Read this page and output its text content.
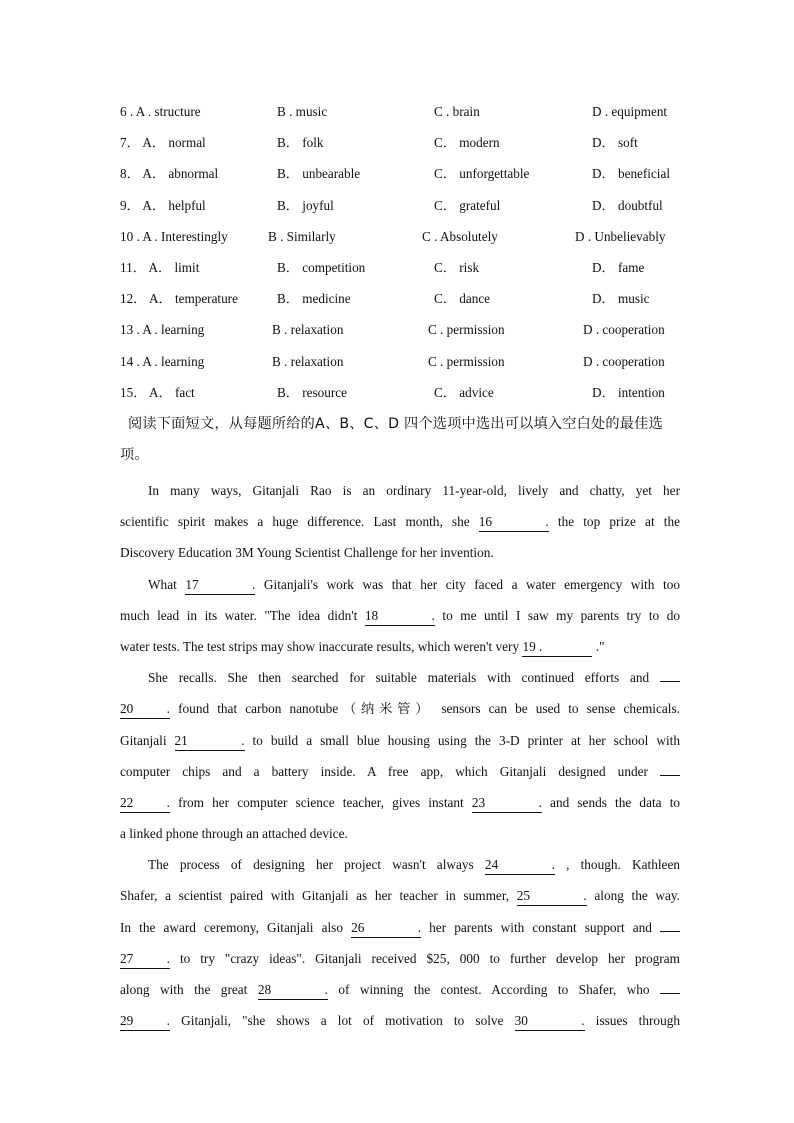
6 . A . structure	B . music	C . brain	D . equipment
7． A． normal	B． folk	C． modern	D． soft
8． A． abnormal	B． unbearable	C． unforgettable	D． beneficial
9． A． helpful	B． joyful	C． grateful	D． doubtful
10 . A . Interestingly	B . Similarly	C . Absolutely	D . Unbelievably
11． A． limit	B． competition	C． risk	D． fame
12． A． temperature	B． medicine	C． dance	D． music
13 . A . learning	B . relaxation	C . permission	D . cooperation
14 . A . learning	B . relaxation	C . permission	D . cooperation
15． A． fact	B． resource	C． advice	D． intention
阅读下面短文，从每题所给的A、B、C、D 四个选项中选出可以填入空白处的最佳选
项。
In many ways, Gitanjali Rao is an ordinary 11-year-old, lively and chatty, yet her
scientific spirit makes a huge difference. Last month, she 16 . the top prize at the
Discovery Education 3M Young Scientist Challenge for her invention.
What 17 . Gitanjali's work was that her city faced a water emergency with too
much lead in its water. "The idea didn't 18 . to me until I saw my parents try to do
water tests. The test strips may show inaccurate results, which weren't very 19 .	."
She recalls. She then searched for suitable materials with continued efforts and
20 . found that carbon nanotube（纳米管） sensors can be used to sense chemicals.
Gitanjali 21 . to build a small blue housing using the 3-D printer at her school with
computer chips and a battery inside. A free app, which Gitanjali designed under
22 . from her computer science teacher, gives instant 23 . and sends the data to
a linked phone through an attached device.
The process of designing her project wasn't always 24 . , though. Kathleen
Shafer, a scientist paired with Gitanjali as her teacher in summer, 25 . along the way.
In the award ceremony, Gitanjali also 26 . her parents with constant support and
27 . to try "crazy ideas". Gitanjali received $25, 000 to further develop her program
along with the great 28 . of winning the contest. According to Shafer, who
29 . Gitanjali, "she shows a lot of motivation to solve 30 . issues through
